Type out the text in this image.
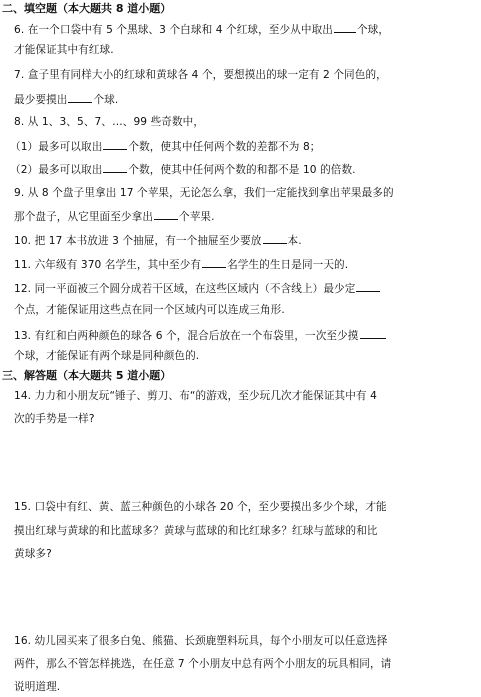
二、填空题（本大题共 8 道小题）
6. 在一个口袋中有 5 个黑球、3 个白球和 4 个红球，至少从中取出 个球，
才能保证其中有红球.
7. 盒子里有同样大小的红球和黄球各 4 个，要想摸出的球一定有 2 个同色的，
最少要摸出 个球.
8. 从 1、3、5、7、…、99 些奇数中，
（1）最多可以取出 个数，使其中任何两个数的差都不为 8；
（2）最多可以取出 个数，使其中任何两个数的和都不是 10 的倍数.
9. 从 8 个盘子里拿出 17 个苹果，无论怎么拿，我们一定能找到拿出苹果最多的
那个盘子，从它里面至少拿出 个苹果.
10. 把 17 本书放进 3 个抽屉，有一个抽屉至少要放 本.
11. 六年级有 370 名学生，其中至少有 名学生的生日是同一天的.
12. 同一平面被三个圆分成若干区域，在这些区域内（不含线上）最少定
个点，才能保证用这些点在同一个区域内可以连成三角形.
13. 有红和白两种颜色的球各 6 个，混合后放在一个布袋里，一次至少摸
个球，才能保证有两个球是同种颜色的.
三、解答题（本大题共 5 道小题）
14. 力力和小朋友玩“锤子、剪刀、布“的游戏，至少玩几次才能保证其中有 4
次的手势是一样?
15. 口袋中有红、黄、蓝三种颜色的小球各 20 个，至少要摸出多少个球，才能
摸出红球与黄球的和比蓝球多？黄球与蓝球的和比红球多？红球与蓝球的和比
黄球多?
16. 幼儿园买来了很多白兔、熊猫、长颈鹿塑料玩具，每个小朋友可以任意选择
两件，那么不管怎样挑选，在任意 7 个小朋友中总有两个小朋友的玩具相同，请
说明道理.
